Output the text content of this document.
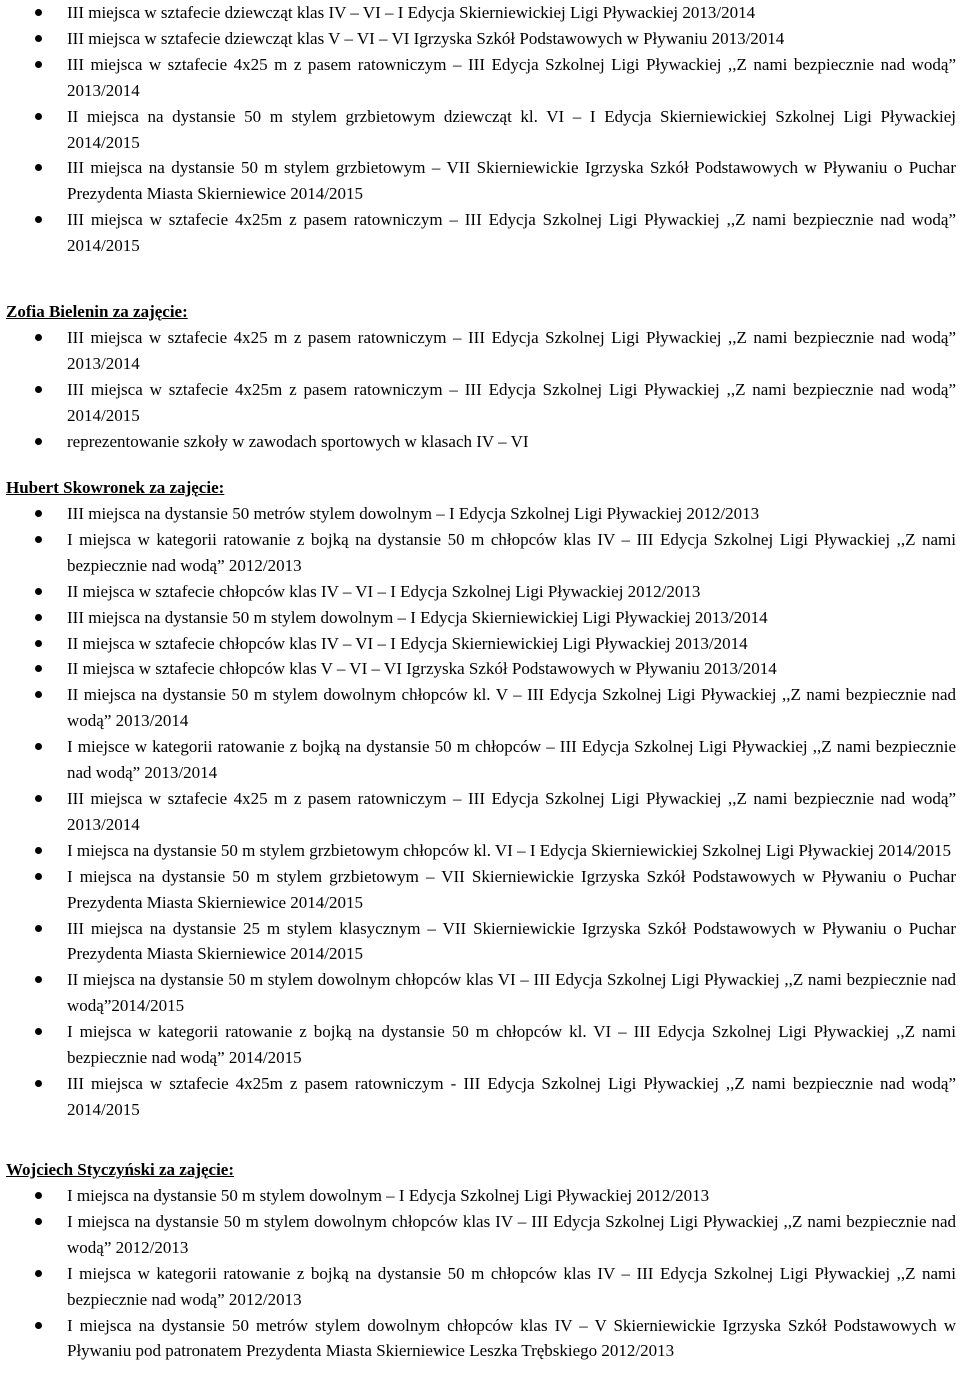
III miejsca w sztafecie dziewcząt klas IV – VI – I Edycja Skierniewickiej Ligi Pływackiej 2013/2014
III miejsca w sztafecie dziewcząt klas V – VI – VI Igrzyska Szkół Podstawowych w Pływaniu 2013/2014
III miejsca w sztafecie 4x25 m z pasem ratowniczym – III Edycja Szkolnej Ligi Pływackiej ,,Z nami bezpiecznie nad wodą” 2013/2014
II miejsca na dystansie 50 m stylem grzbietowym dziewcząt kl. VI – I Edycja Skierniewickiej Szkolnej Ligi Pływackiej 2014/2015
III miejsca na dystansie 50 m stylem grzbietowym – VII Skierniewickie Igrzyska Szkół Podstawowych w Pływaniu o Puchar Prezydenta Miasta Skierniewice 2014/2015
III miejsca w sztafecie 4x25m z pasem ratowniczym – III Edycja Szkolnej Ligi Pływackiej ,,Z nami bezpiecznie nad wodą” 2014/2015
Zofia Bielenin za zajęcie:
III miejsca w sztafecie 4x25 m z pasem ratowniczym – III Edycja Szkolnej Ligi Pływackiej ,,Z nami bezpiecznie nad wodą” 2013/2014
III miejsca w sztafecie 4x25m z pasem ratowniczym – III Edycja Szkolnej Ligi Pływackiej ,,Z nami bezpiecznie nad wodą” 2014/2015
reprezentowanie szkoły w zawodach sportowych w klasach IV – VI
Hubert Skowronek za zajęcie:
III miejsca na dystansie 50 metrów stylem dowolnym – I Edycja Szkolnej Ligi Pływackiej 2012/2013
I miejsca w kategorii ratowanie z bojką na dystansie 50 m chłopców klas IV – III Edycja Szkolnej Ligi Pływackiej ,,Z nami bezpiecznie nad wodą” 2012/2013
II miejsca w sztafecie chłopców klas IV – VI – I Edycja Szkolnej Ligi Pływackiej 2012/2013
III miejsca na dystansie 50 m stylem dowolnym – I Edycja Skierniewickiej Ligi Pływackiej 2013/2014
II miejsca w sztafecie chłopców klas IV – VI – I Edycja Skierniewickiej Ligi Pływackiej 2013/2014
II miejsca w sztafecie chłopców klas V – VI – VI Igrzyska Szkół Podstawowych w Pływaniu 2013/2014
II miejsca na dystansie 50 m stylem dowolnym chłopców kl. V – III Edycja Szkolnej Ligi Pływackiej ,,Z nami bezpiecznie nad wodą” 2013/2014
I miejsce w kategorii ratowanie z bojką na dystansie 50 m chłopców – III Edycja Szkolnej Ligi Pływackiej ,,Z nami bezpiecznie nad wodą” 2013/2014
III miejsca w sztafecie 4x25 m z pasem ratowniczym – III Edycja Szkolnej Ligi Pływackiej ,,Z nami bezpiecznie nad wodą” 2013/2014
I miejsca na dystansie 50 m stylem grzbietowym chłopców kl. VI – I Edycja Skierniewickiej Szkolnej Ligi Pływackiej 2014/2015
I miejsca na dystansie 50 m stylem grzbietowym – VII Skierniewickie Igrzyska Szkół Podstawowych w Pływaniu o Puchar Prezydenta Miasta Skierniewice 2014/2015
III miejsca na dystansie 25 m stylem klasycznym – VII Skierniewickie Igrzyska Szkół Podstawowych w Pływaniu o Puchar Prezydenta Miasta Skierniewice 2014/2015
II miejsca na dystansie 50 m stylem dowolnym chłopców klas VI – III Edycja Szkolnej Ligi Pływackiej ,,Z nami bezpiecznie nad wodą”2014/2015
I miejsca w kategorii ratowanie z bojką na dystansie 50 m chłopców kl. VI – III Edycja Szkolnej Ligi Pływackiej ,,Z nami bezpiecznie nad wodą” 2014/2015
III miejsca w sztafecie 4x25m z pasem ratowniczym - III Edycja Szkolnej Ligi Pływackiej ,,Z nami bezpiecznie nad wodą” 2014/2015
Wojciech Styczyński za zajęcie:
I miejsca na dystansie 50 m stylem dowolnym – I Edycja Szkolnej Ligi Pływackiej 2012/2013
I miejsca na dystansie 50 m stylem dowolnym chłopców klas IV – III Edycja Szkolnej Ligi Pływackiej ,,Z nami bezpiecznie nad wodą” 2012/2013
I miejsca w kategorii ratowanie z bojką na dystansie 50 m chłopców klas IV – III Edycja Szkolnej Ligi Pływackiej ,,Z nami bezpiecznie nad wodą” 2012/2013
I miejsca na dystansie 50 metrów stylem dowolnym chłopców klas IV – V Skierniewickie Igrzyska Szkół Podstawowych w Pływaniu pod patronatem Prezydenta Miasta Skierniewice Leszka Trębskiego 2012/2013
